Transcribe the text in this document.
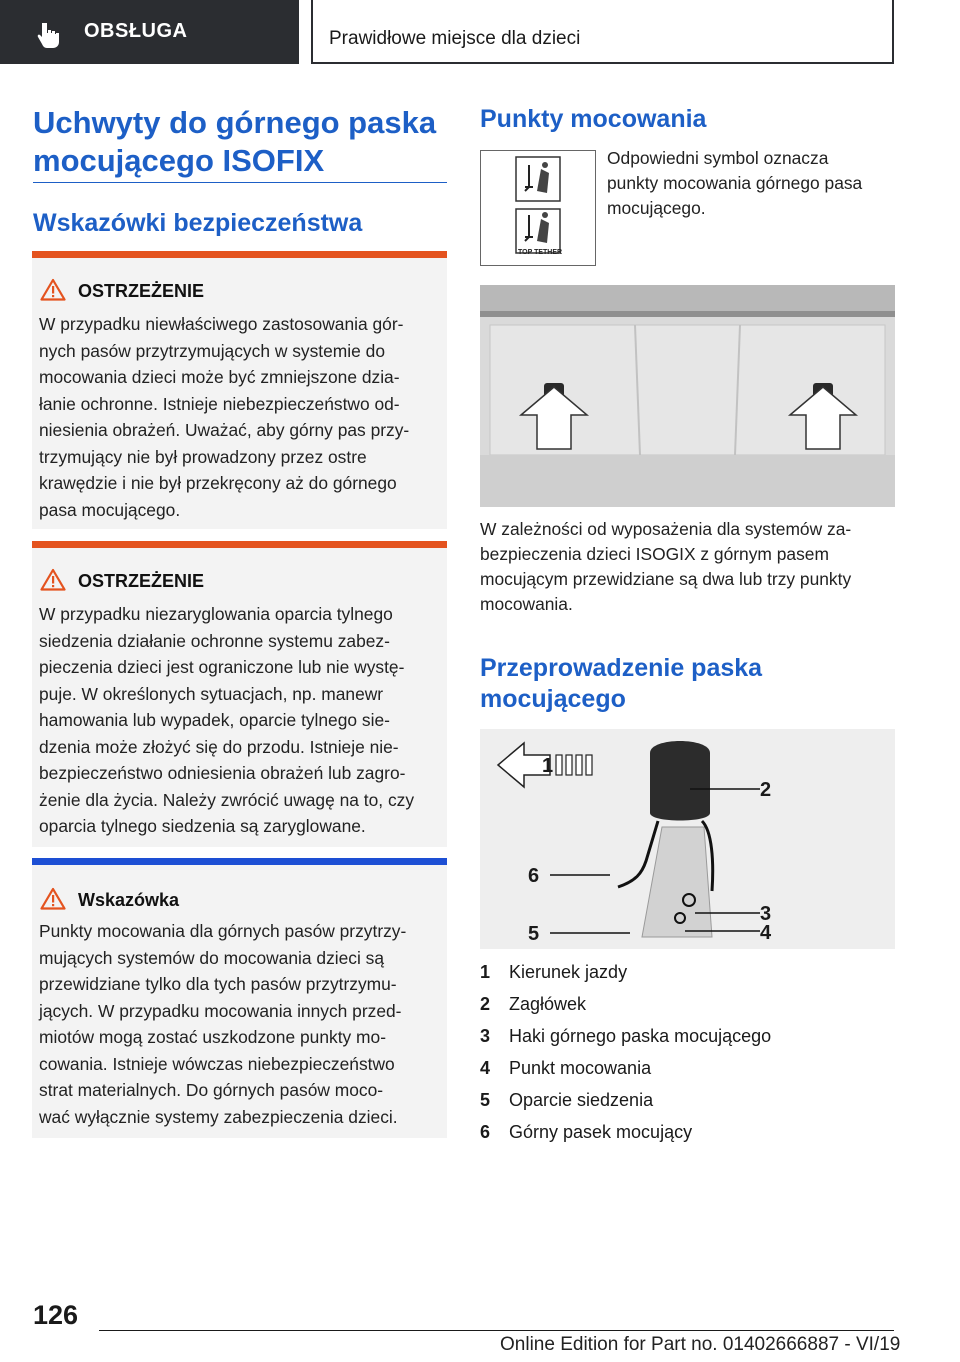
OBSŁUGA	Prawidłowe miejsce dla dzieci
Uchwyty do górnego paska
mocującego ISOFIX
Wskazówki bezpieczeństwa
OSTRZEŻENIE
W przypadku niewłaściwego zastosowania gór-
nych pasów przytrzymujących w systemie do
mocowania dzieci może być zmniejszone dzia-
łanie ochronne. Istnieje niebezpieczeństwo od-
niesienia obrażeń. Uważać, aby górny pas przy-
trzymujący nie był prowadzony przez ostre
krawędzie i nie był przekręcony aż do górnego
pasa mocującego.
OSTRZEŻENIE
W przypadku niezaryglowania oparcia tylnego
siedzenia działanie ochronne systemu zabez-
pieczenia dzieci jest ograniczone lub nie wystę-
puje. W określonych sytuacjach, np. manewr
hamowania lub wypadek, oparcie tylnego sie-
dzenia może złożyć się do przodu. Istnieje nie-
bezpieczeństwo odniesienia obrażeń lub zagro-
żenie dla życia. Należy zwrócić uwagę na to, czy
oparcia tylnego siedzenia są zaryglowane.
Wskazówka
Punkty mocowania dla górnych pasów przytrzy-
mujących systemów do mocowania dzieci są
przewidziane tylko dla tych pasów przytrzymu-
jących. W przypadku mocowania innych przed-
miotów mogą zostać uszkodzone punkty mo-
cowania. Istnieje wówczas niebezpieczeństwo
strat materialnych. Do górnych pasów moco-
wać wyłącznie systemy zabezpieczenia dzieci.
Punkty mocowania
TOP TETHER
Odpowiedni symbol oznacza
punkty mocowania górnego pasa
mocującego.
W zależności od wyposażenia dla systemów za-
bezpieczenia dzieci ISOGIX z górnym pasem
mocującym przewidziane są dwa lub trzy punkty
mocowania.
Przeprowadzenie paska
mocującego
1
2
3
4
5
6
1 Kierunek jazdy
2 Zagłówek
3 Haki górnego paska mocującego
4 Punkt mocowania
5 Oparcie siedzenia
6 Górny pasek mocujący
126
Online Edition for Part no. 01402666887 - VI/19
